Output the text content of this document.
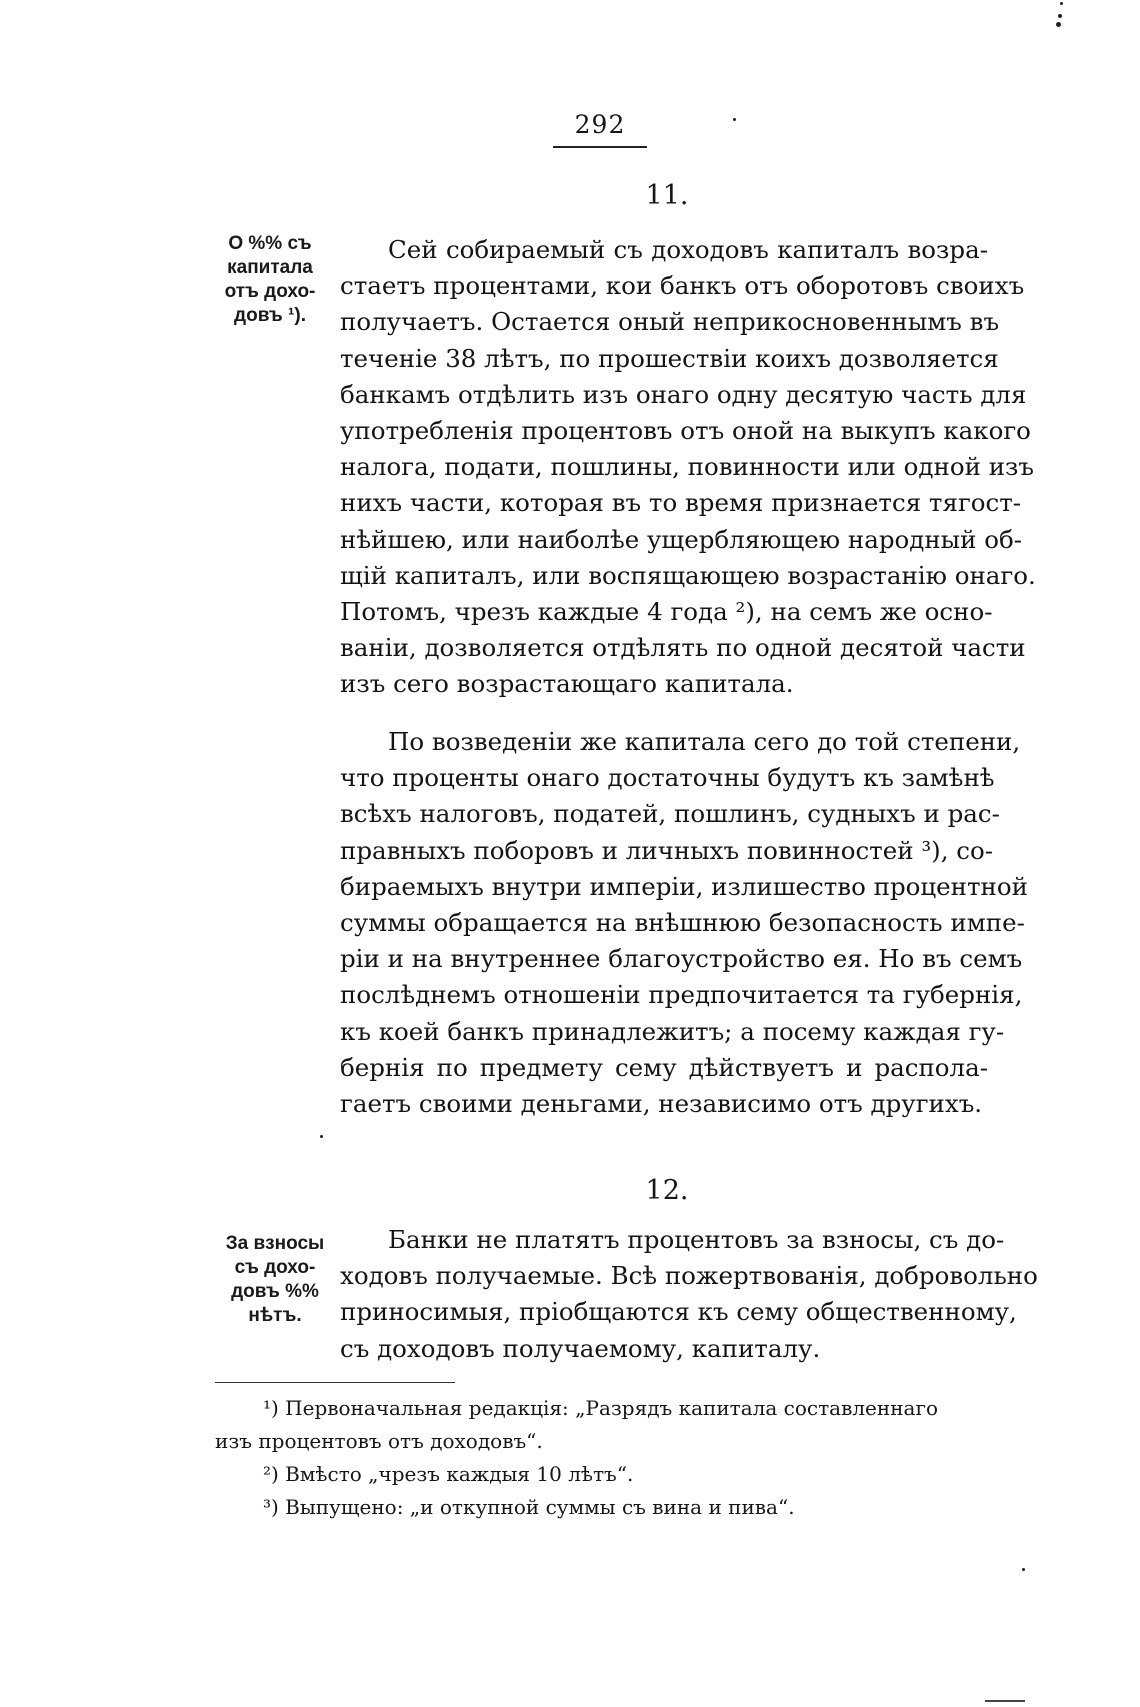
292
11.
О %% съ
капитала
отъ дохо-
довъ ¹).
Сей собираемый съ доходовъ капиталъ возра-
стаетъ процентами, кои банкъ отъ оборотовъ своихъ
получаетъ. Остается оный неприкосновеннымъ въ
теченіе 38 лѣтъ, по прошествіи коихъ дозволяется
банкамъ отдѣлить изъ онаго одну десятую часть для
употребленія процентовъ отъ оной на выкупъ какого
налога, подати, пошлины, повинности или одной изъ
нихъ части, которая въ то время признается тягост-
нѣйшею, или наиболѣе ущербляющею народный об-
щій капиталъ, или воспящающею возрастанію онаго.
Потомъ, чрезъ каждые 4 года ²), на семъ же осно-
ваніи, дозволяется отдѣлять по одной десятой части
изъ сего возрастающаго капитала.
По возведеніи же капитала сего до той степени,
что проценты онаго достаточны будутъ къ замѣнѣ
всѣхъ налоговъ, податей, пошлинъ, судныхъ и рас-
правныхъ поборовъ и личныхъ повинностей ³), со-
бираемыхъ внутри имперіи, излишество процентной
суммы обращается на внѣшнюю безопасность импе-
ріи и на внутреннее благоустройство ея. Но въ семъ
послѣднемъ отношеніи предпочитается та губернія,
къ коей банкъ принадлежитъ; а посему каждая гу-
бернія по предмету сему дѣйствуетъ и распола-
гаетъ своими деньгами, независимо отъ другихъ.
12.
За взносы
съ дохо-
довъ %%
нѣтъ.
Банки не платятъ процентовъ за взносы, съ до-
ходовъ получаемые. Всѣ пожертвованія, добровольно
приносимыя, пріобщаются къ сему общественному,
съ доходовъ получаемому, капиталу.
¹) Первоначальная редакція: „Разрядъ капитала составленнаго
изъ процентовъ отъ доходовъ“.
²) Вмѣсто „чрезъ каждыя 10 лѣтъ“.
³) Выпущено: „и откупной суммы съ вина и пива“.
